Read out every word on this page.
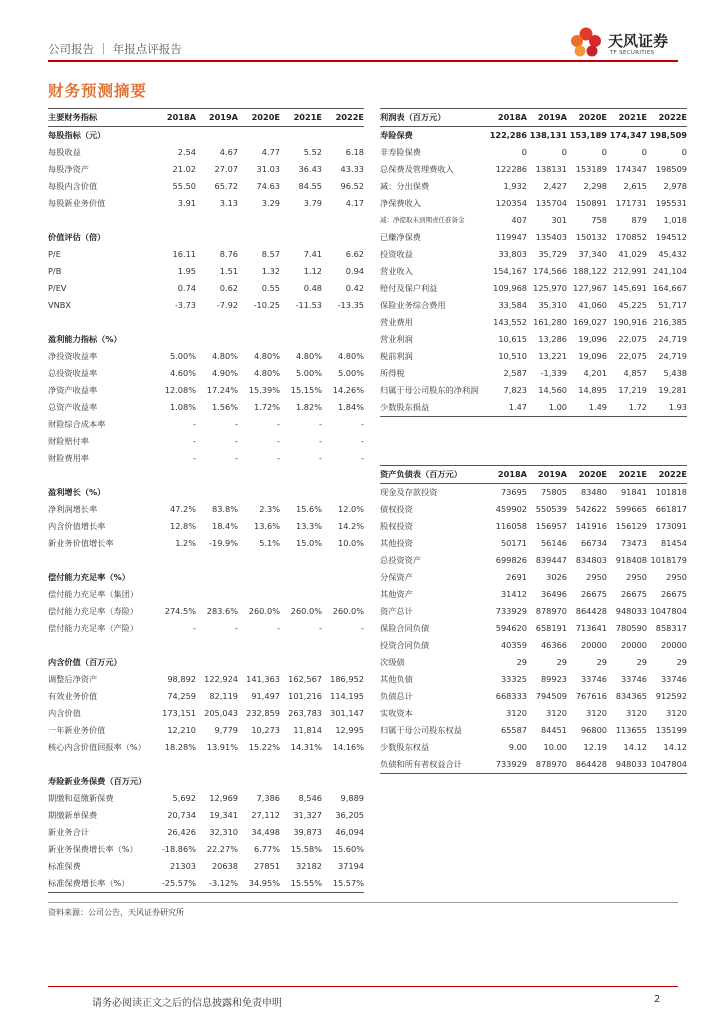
公司报告 ｜ 年报点评报告	天风证券
TF SECURITIES
财务预测摘要
主要财务指标	2018A	2019A	2020E	2021E	2022E
每股指标（元）					
每股收益	2.54	4.67	4.77	5.52	6.18
每股净资产	21.02	27.07	31.03	36.43	43.33
每股内含价值	55.50	65.72	74.63	84.55	96.52
每股新业务价值	3.91	3.13	3.29	3.79	4.17

价值评估（倍）					
P/E	16.11	8.76	8.57	7.41	6.62
P/B	1.95	1.51	1.32	1.12	0.94
P/EV	0.74	0.62	0.55	0.48	0.42
VNBX	-3.73	-7.92	-10.25	-11.53	-13.35

盈利能力指标（%）					
净投资收益率	5.00%	4.80%	4.80%	4.80%	4.80%
总投资收益率	4.60%	4.90%	4.80%	5.00%	5.00%
净资产收益率	12.08%	17.24%	15.39%	15.15%	14.26%
总资产收益率	1.08%	1.56%	1.72%	1.82%	1.84%
财险综合成本率	-	-	-	-	-
财险赔付率	-	-	-	-	-
财险费用率	-	-	-	-	-

盈利增长（%）					
净利润增长率	47.2%	83.8%	2.3%	15.6%	12.0%
内含价值增长率	12.8%	18.4%	13.6%	13.3%	14.2%
新业务价值增长率	1.2%	-19.9%	5.1%	15.0%	10.0%

偿付能力充足率（%）					
偿付能力充足率（集团）					
偿付能力充足率（寿险）	274.5%	283.6%	260.0%	260.0%	260.0%
偿付能力充足率（产险）	-	-	-	-	-

内含价值（百万元）					
调整后净资产	98,892	122,924	141,363	162,567	186,952
有效业务价值	74,259	82,119	91,497	101,216	114,195
内含价值	173,151	205,043	232,859	263,783	301,147
一年新业务价值	12,210	9,779	10,273	11,814	12,995
核心内含价值回报率（%）	18.28%	13.91%	15.22%	14.31%	14.16%

寿险新业务保费（百万元）					
期缴和趸缴新保费	5,692	12,969	7,386	8,546	9,889
期缴新单保费	20,734	19,341	27,112	31,327	36,205
新业务合计	26,426	32,310	34,498	39,873	46,094
新业务保费增长率（%）	-18.86%	22.27%	6.77%	15.58%	15.60%
标准保费	21303	20638	27851	32182	37194
标准保费增长率（%）	-25.57%	-3.12%	34.95%	15.55%	15.57%
利润表（百万元）	2018A	2019A	2020E	2021E	2022E
寿险保费	122,286	138,131	153,189	174,347	198,509
非寿险保费	0	0	0	0	0
总保费及管理费收入	122286	138131	153189	174347	198509
减：分出保费	1,932	2,427	2,298	2,615	2,978
净保费收入	120354	135704	150891	171731	195531
减：净提取未到期责任准备金	407	301	758	879	1,018
已赚净保费	119947	135403	150132	170852	194512
投资收益	33,803	35,729	37,340	41,029	45,432
营业收入	154,167	174,566	188,122	212,991	241,104
赔付及保户利益	109,968	125,970	127,967	145,691	164,667
保险业务综合费用	33,584	35,310	41,060	45,225	51,717
营业费用	143,552	161,280	169,027	190,916	216,385
营业利润	10,615	13,286	19,096	22,075	24,719
税前利润	10,510	13,221	19,096	22,075	24,719
所得税	2,587	-1,339	4,201	4,857	5,438
归属于母公司股东的净利润	7,823	14,560	14,895	17,219	19,281
少数股东损益	1.47	1.00	1.49	1.72	1.93
资产负债表（百万元）	2018A	2019A	2020E	2021E	2022E
现金及存款投资	73695	75805	83480	91841	101818
债权投资	459902	550539	542622	599665	661817
股权投资	116058	156957	141916	156129	173091
其他投资	50171	56146	66734	73473	81454
总投资资产	699826	839447	834803	918408	1018179
分保资产	2691	3026	2950	2950	2950
其他资产	31412	36496	26675	26675	26675
资产总计	733929	878970	864428	948033	1047804
保险合同负债	594620	658191	713641	780590	858317
投资合同负债	40359	46366	20000	20000	20000
次级债	29	29	29	29	29
其他负债	33325	89923	33746	33746	33746
负债总计	668333	794509	767616	834365	912592
实收资本	3120	3120	3120	3120	3120
归属于母公司股东权益	65587	84451	96800	113655	135199
少数股东权益	9.00	10.00	12.19	14.12	14.12
负债和所有者权益合计	733929	878970	864428	948033	1047804
资料来源：公司公告，天风证券研究所
请务必阅读正文之后的信息披露和免责申明	2
